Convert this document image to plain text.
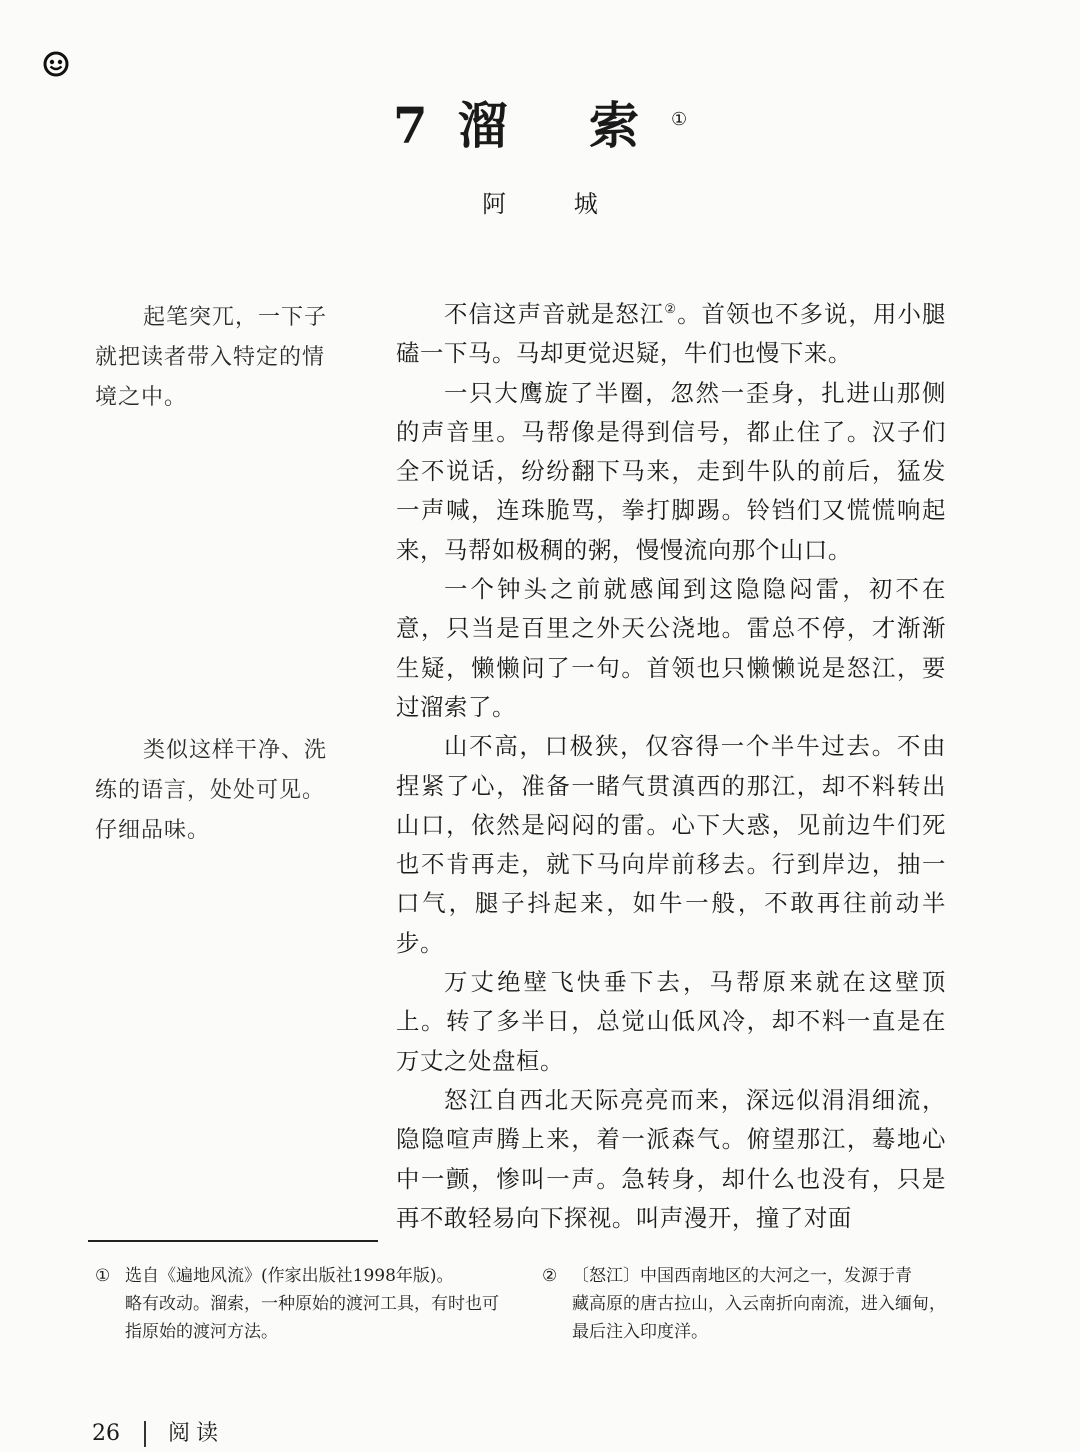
7 溜 索①
阿 城
起笔突兀，一下子就把读者带入特定的情境之中。
类似这样干净、洗练的语言，处处可见。仔细品味。

不信这声音就是怒江②。首领也不多说，用小腿磕一下马。马却更觉迟疑，牛们也慢下来。

一只大鹰旋了半圈，忽然一歪身，扎进山那侧的声音里。马帮像是得到信号，都止住了。汉子们全不说话，纷纷翻下马来，走到牛队的前后，猛发一声喊，连珠脆骂，拳打脚踢。铃铛们又慌慌响起来，马帮如极稠的粥，慢慢流向那个山口。

一个钟头之前就感闻到这隐隐闷雷，初不在意，只当是百里之外天公浇地。雷总不停，才渐渐生疑，懒懒问了一句。首领也只懒懒说是怒江，要过溜索了。

山不高，口极狭，仅容得一个半牛过去。不由捏紧了心，准备一睹气贯滇西的那江，却不料转出山口，依然是闷闷的雷。心下大惑，见前边牛们死也不肯再走，就下马向岸前移去。行到岸边，抽一口气，腿子抖起来，如牛一般，不敢再往前动半步。

万丈绝壁飞快垂下去，马帮原来就在这壁顶上。转了多半日，总觉山低风冷，却不料一直是在万丈之处盘桓。

怒江自西北天际亮亮而来，深远似涓涓细流，隐隐喧声腾上来，着一派森气。俯望那江，蓦地心中一颤，惨叫一声。急转身，却什么也没有，只是再不敢轻易向下探视。叫声漫开，撞了对面

① 选自《遍地风流》(作家出版社1998年版)。
略有改动。溜索，一种原始的渡河工具，有时也可指原始的渡河方法。
② 〔怒江〕中国西南地区的大河之一，发源于青
藏高原的唐古拉山，入云南折向南流，进入缅甸，最后注入印度洋。
26 阅读
